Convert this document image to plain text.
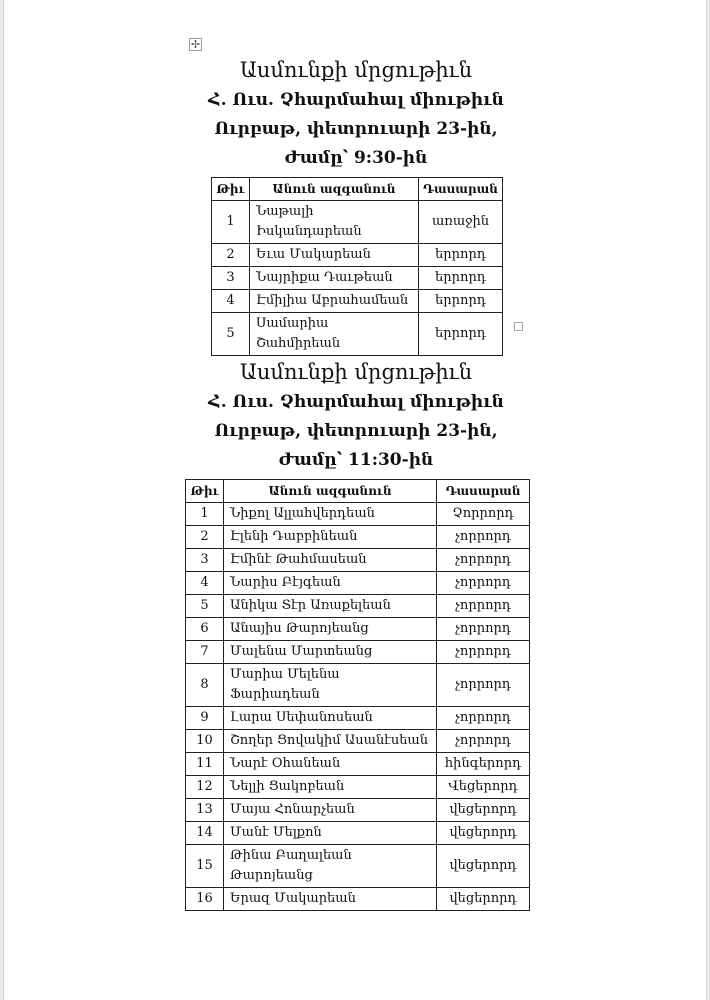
✢
Ասմունքի մրցութիւն
Հ. Ուս. Չհարմահալ միութիւն
Ուրբաթ, փետրուարի 23-ին,
Ժամը՝ 9:30-ին
Թիւ	Անուն ազգանուն	Դասարան
1	Նաթալի Իսկանդարեան	առաջին
2	Եւա Մակարեան	երրորդ
3	Նայրիքա Դաւթեան	երրորդ
4	Էմիլիա Աբրահամեան	երրորդ
5	Սամարիա Շահմիրեան	երրորդ
Ասմունքի մրցութիւն
Հ. Ուս. Չհարմահալ միութիւն
Ուրբաթ, փետրուարի 23-ին,
Ժամը՝ 11:30-ին
Թիւ	Անուն ազգանուն	Դասարան
1	Նիքոլ Ալլահվերդեան	Չորրորդ
2	Էլենի Դաբբինեան	չորրորդ
3	Էմինէ Թահմասեան	չորրորդ
4	Նարիս Բէյգեան	չորրորդ
5	Անիկա Տէր Առաքելեան	չորրորդ
6	Անայիս Թարոյեանց	չորրորդ
7	Մալենա Մարտեանց	չորրորդ
8	Մարիա Մելենա Ֆարիադեան	չորրորդ
9	Լարա Սեփանոսեան	չորրորդ
10	Շողեր Ցովակիմ Ասանէսեան	չորրորդ
11	Նարէ Օհանեան	հինգերորդ
12	Նելլի Ցակոբեան	Վեցերորդ
13	Մայա Հոնարչեան	վեցերորդ
14	Մանէ Մելքոն	վեցերորդ
15	Թինա Բաղալեան Թարոյեանց	վեցերորդ
16	Երազ Մակարեան	վեցերորդ
